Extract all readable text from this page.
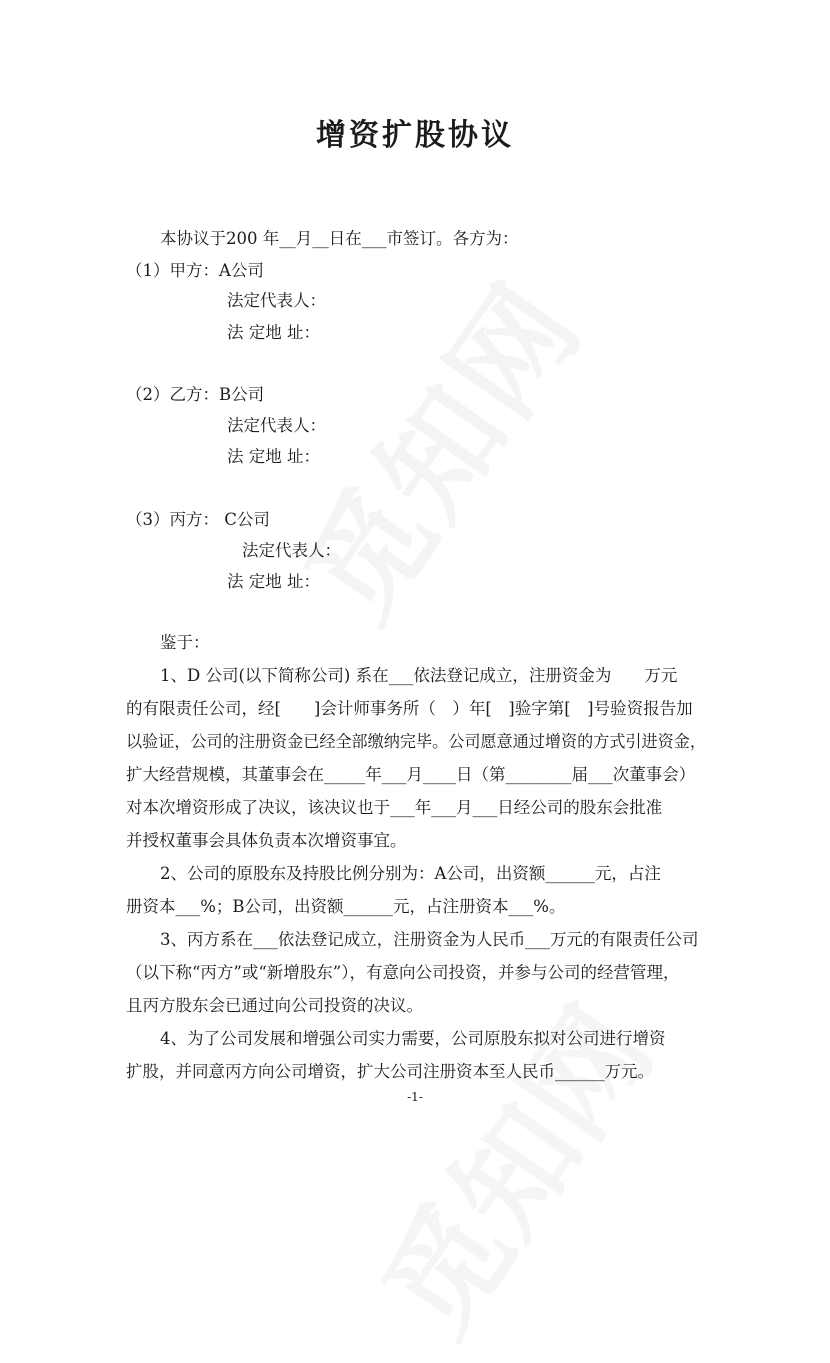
增资扩股协议
本协议于200 年__月__日在___市签订。各方为：
（1）甲方：A公司
法定代表人：
法 定地 址：
（2）乙方：B公司
法定代表人：
法 定地 址：
（3）丙方： C公司
法定代表人：
法 定地 址：
鉴于：
1、D 公司(以下简称公司) 系在___依法登记成立，注册资金为　　万元
的有限责任公司，经[　　]会计师事务所（　）年[　]验字第[　]号验资报告加
以验证，公司的注册资金已经全部缴纳完毕。公司愿意通过增资的方式引进资金，
扩大经营规模，其董事会在_____年___月____日（第________届___次董事会）
对本次增资形成了决议，该决议也于___年___月___日经公司的股东会批准
并授权董事会具体负责本次增资事宜。
2、公司的原股东及持股比例分别为：A公司，出资额______元，占注
册资本___%；B公司，出资额______元，占注册资本___%。
3、丙方系在___依法登记成立，注册资金为人民币___万元的有限责任公司
（以下称“丙方”或“新增股东”），有意向公司投资，并参与公司的经营管理，
且丙方股东会已通过向公司投资的决议。
4、为了公司发展和增强公司实力需要，公司原股东拟对公司进行增资
扩股，并同意丙方向公司增资，扩大公司注册资本至人民币______万元。
-1-
